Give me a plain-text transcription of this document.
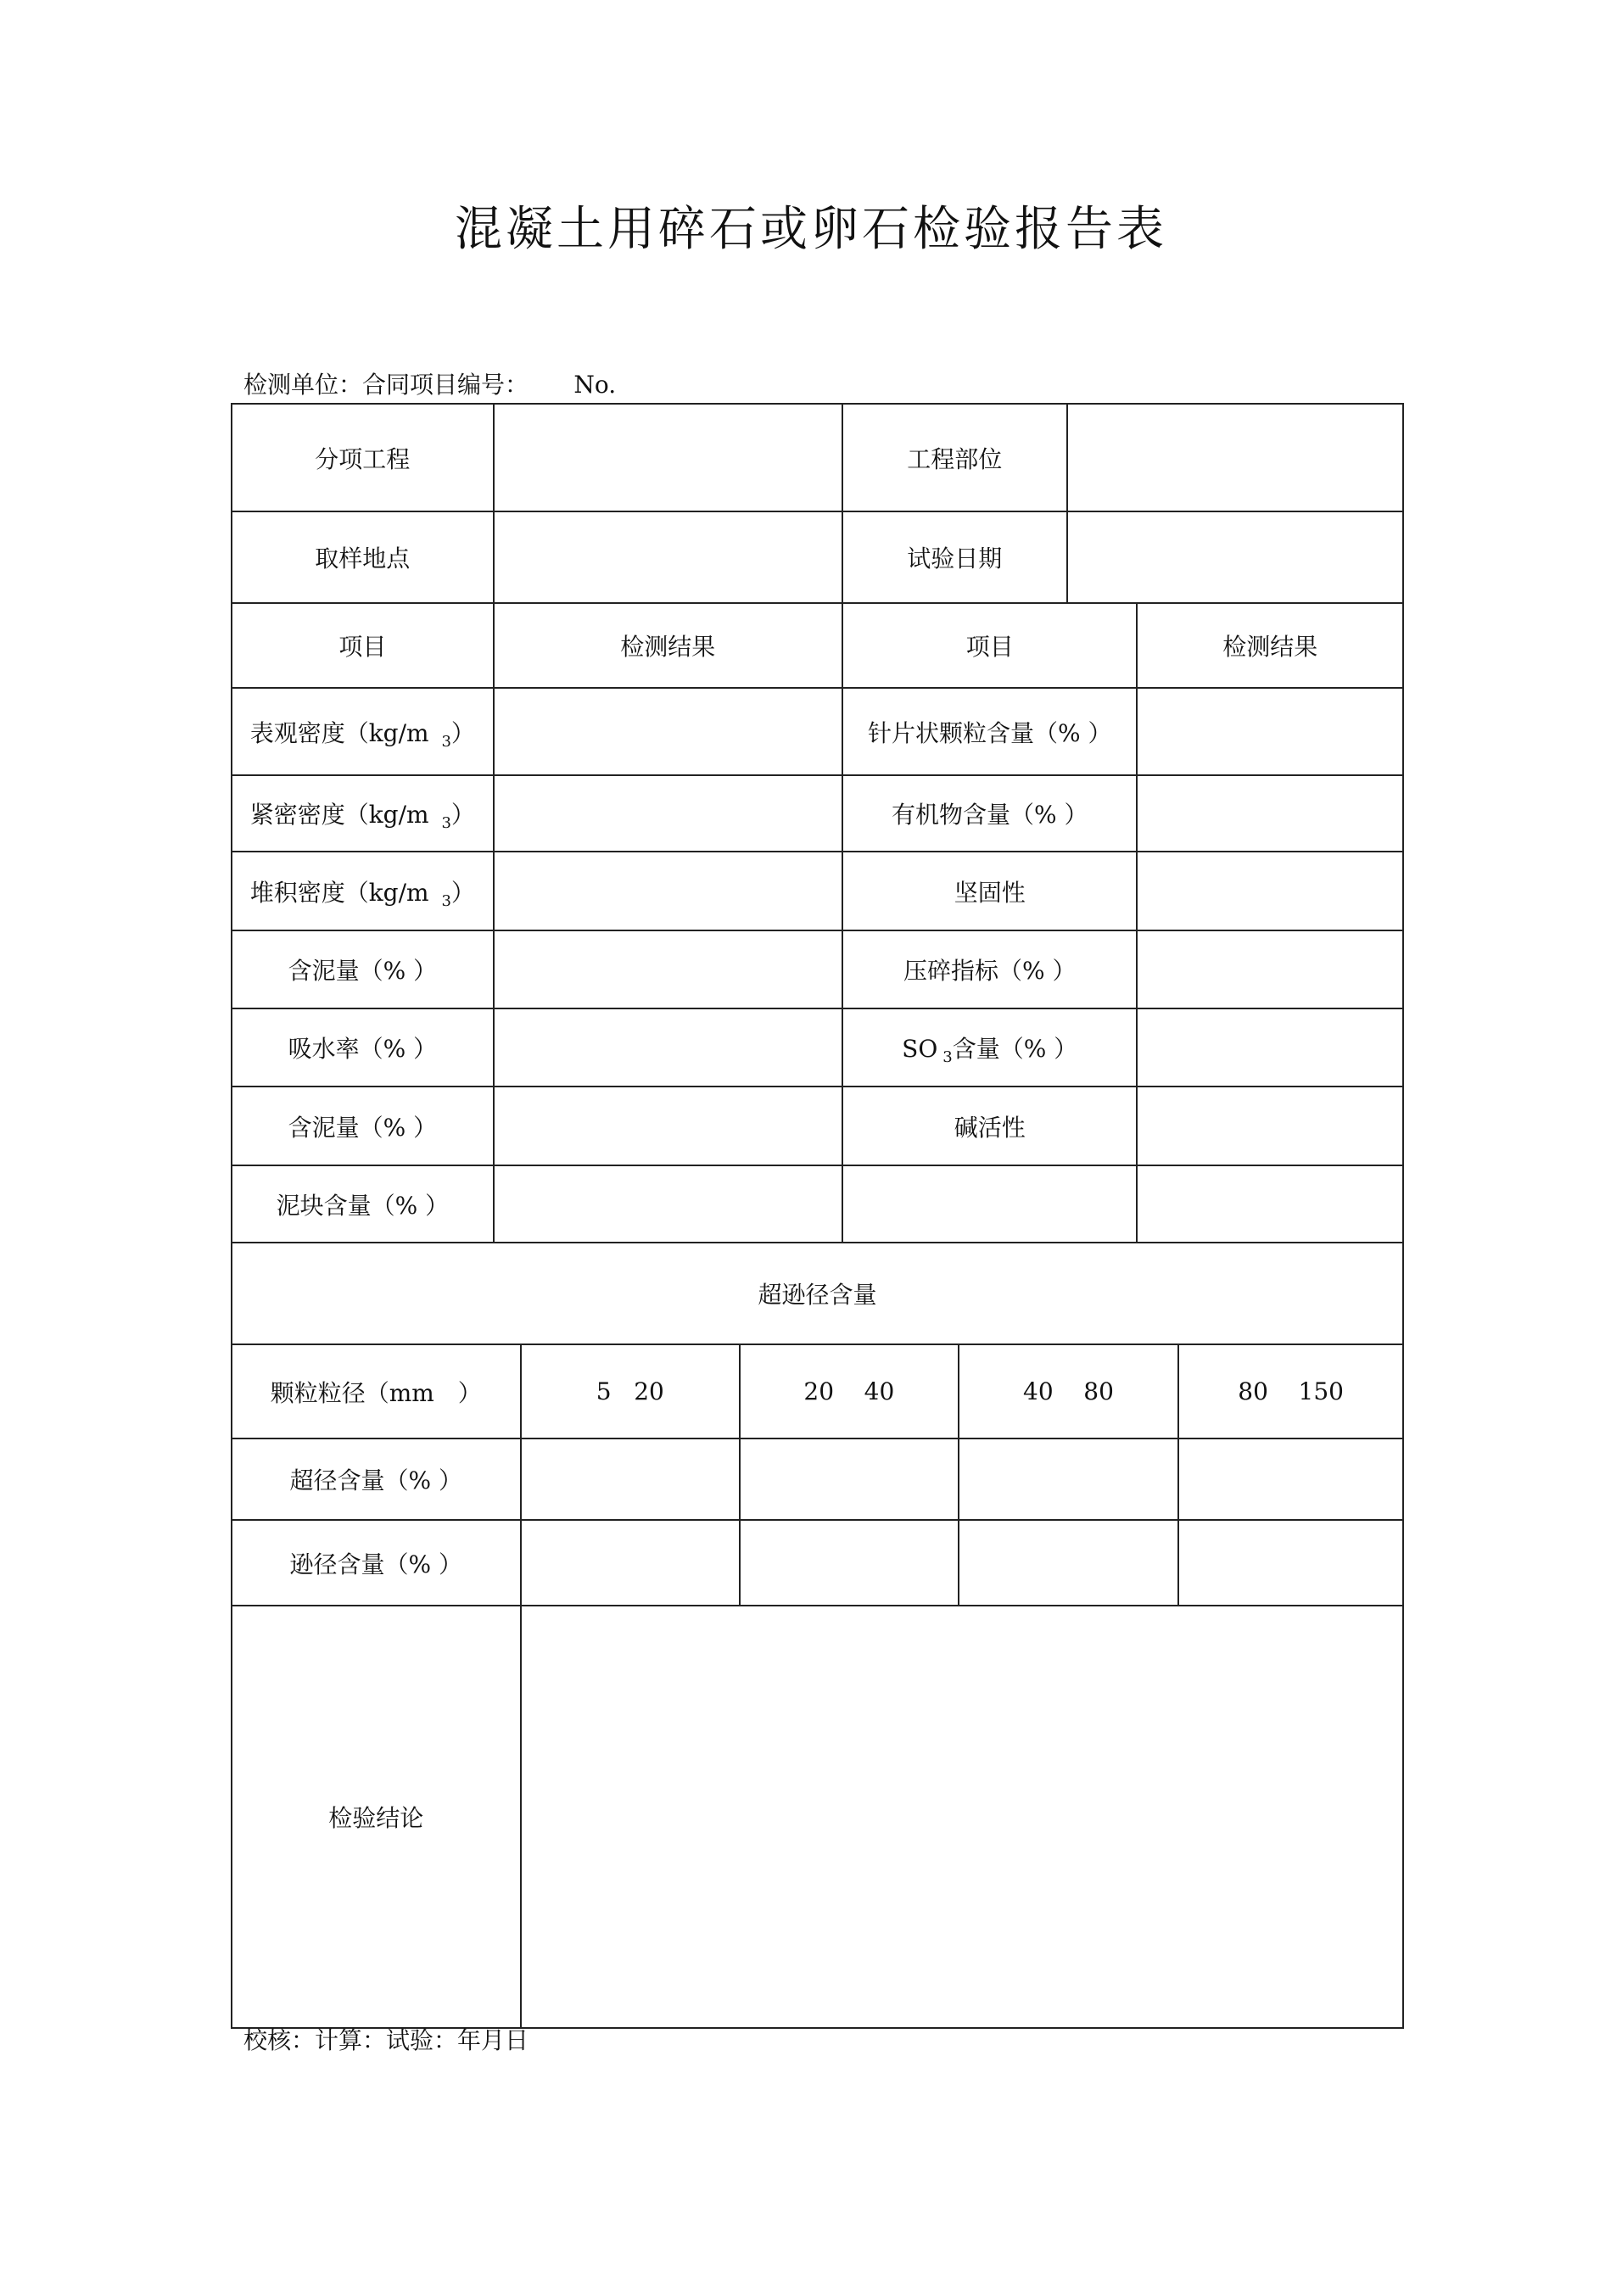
混凝土用碎石或卵石检验报告表
检测单位：合同项目编号： No.
分项工程		工程部位	
取样地点		试验日期	
项目	检测结果	项目	检测结果
表观密度（kg/m $_3$）		针片状颗粒含量（% ）	
紧密密度（kg/m $_3$）		有机物含量（% ）	
堆积密度（kg/m $_3$）		坚固性	
含泥量（% ）		压碎指标（% ）	
吸水率（% ）		SO $_3$含量（% ）	
含泥量（% ）		碱活性	
泥块含量（% ）			
超逊径含量				
颗粒粒径（mm　）	5 20	20 40	40 80	80 150
超径含量（% ）				
逊径含量（% ）				
检验结论				
校核：计算：试验：年月日
